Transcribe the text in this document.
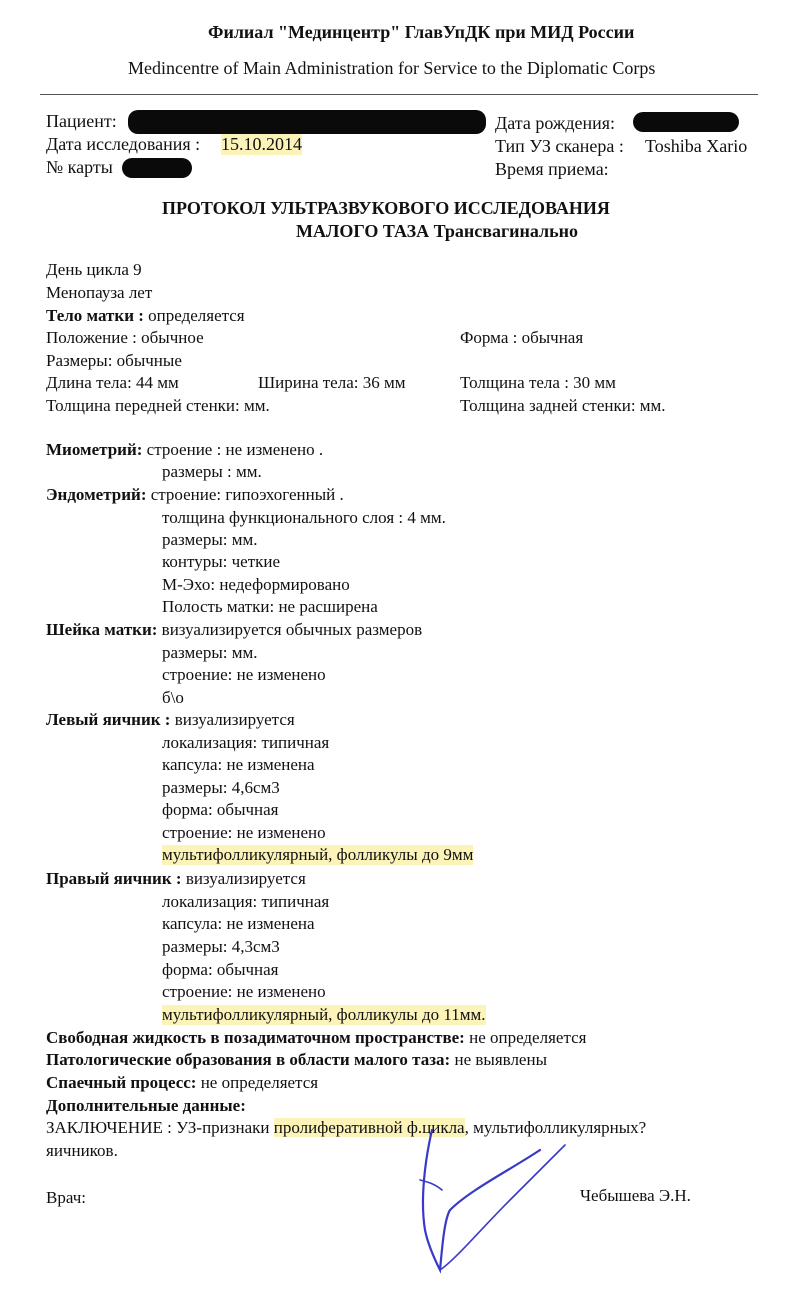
Филиал "Мединцентр" ГлавУпДК при МИД России
Medincentre of Main Administration for Service to the Diplomatic Corps
Пациент:
Дата исследования : 15.10.2014
№ карты
Дата рождения:
Тип УЗ сканера : Toshiba Xario
Время приема:
ПРОТОКОЛ УЛЬТРАЗВУКОВОГО ИССЛЕДОВАНИЯ
МАЛОГО ТАЗА Трансвагинально
День цикла 9
Менопауза лет
Тело матки : определяется
Положение : обычное	Форма : обычная
Размеры: обычные
Длина тела: 44 мм	Ширина тела: 36 мм	Толщина тела : 30 мм
Толщина передней стенки: мм.	Толщина задней стенки: мм.
Миометрий: строение : не изменено .
размеры : мм.
Эндометрий: строение: гипоэхогенный .
толщина функционального слоя : 4 мм.
размеры: мм.
контуры: четкие
М-Эхо: недеформировано
Полость матки: не расширена
Шейка матки: визуализируется обычных размеров
размеры: мм.
строение: не изменено
б\о
Левый яичник : визуализируется
локализация: типичная
капсула: не изменена
размеры: 4,6см3
форма: обычная
строение: не изменено
мультифолликулярный, фолликулы до 9мм
Правый яичник : визуализируется
локализация: типичная
капсула: не изменена
размеры: 4,3см3
форма: обычная
строение: не изменено
мультифолликулярный, фолликулы до 11мм.
Свободная жидкость в позадиматочном пространстве: не определяется
Патологические образования в области малого таза: не выявлены
Спаечный процесс: не определяется
Дополнительные данные:
ЗАКЛЮЧЕНИЕ : УЗ-признаки пролиферативной ф.цикла, мультифолликулярных?
яичников.
Врач:	Чебышева Э.Н.
